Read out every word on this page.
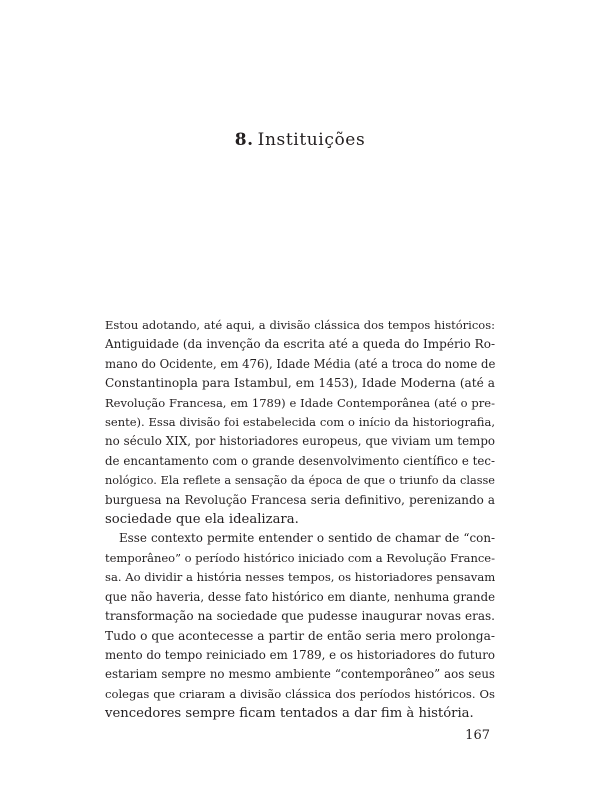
8. Instituições

Estou adotando, até aqui, a divisão clássica dos tempos históricos:
Antiguidade (da invenção da escrita até a queda do Império Ro-
mano do Ocidente, em 476), Idade Média (até a troca do nome de
Constantinopla para Istambul, em 1453), Idade Moderna (até a
Revolução Francesa, em 1789) e Idade Contemporânea (até o pre-
sente). Essa divisão foi estabelecida com o início da historiografia,
no século XIX, por historiadores europeus, que viviam um tempo
de encantamento com o grande desenvolvimento científico e tec-
nológico. Ela reflete a sensação da época de que o triunfo da classe
burguesa na Revolução Francesa seria definitivo, perenizando a
sociedade que ela idealizara.

Esse contexto permite entender o sentido de chamar de “con-
temporâneo” o período histórico iniciado com a Revolução France-
sa. Ao dividir a história nesses tempos, os historiadores pensavam
que não haveria, desse fato histórico em diante, nenhuma grande
transformação na sociedade que pudesse inaugurar novas eras.
Tudo o que acontecesse a partir de então seria mero prolonga-
mento do tempo reiniciado em 1789, e os historiadores do futuro
estariam sempre no mesmo ambiente “contemporâneo” aos seus
colegas que criaram a divisão clássica dos períodos históricos. Os
vencedores sempre ficam tentados a dar fim à história.

167
